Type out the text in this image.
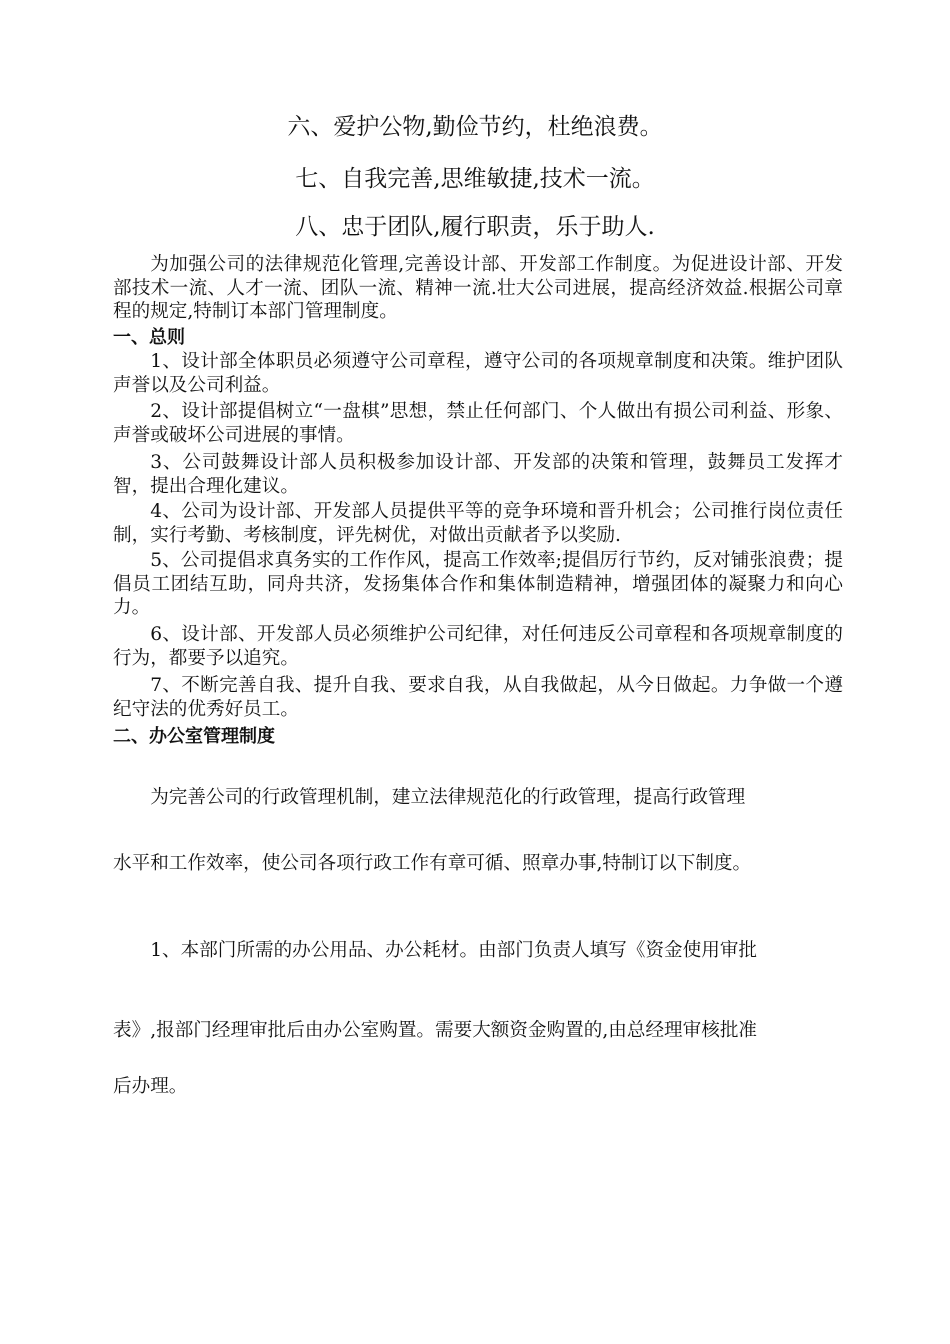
六、爱护公物,勤俭节约，杜绝浪费。
七、自我完善,思维敏捷,技术一流。
八、忠于团队,履行职责，乐于助人.

为加强公司的法律规范化管理,完善设计部、开发部工作制度。为促进设计部、开发部技术一流、人才一流、团队一流、精神一流.壮大公司进展，提高经济效益.根据公司章程的规定,特制订本部门管理制度。

一、总则

1、设计部全体职员必须遵守公司章程，遵守公司的各项规章制度和决策。维护团队声誉以及公司利益。

2、设计部提倡树立“一盘棋”思想，禁止任何部门、个人做出有损公司利益、形象、声誉或破坏公司进展的事情。

3、公司鼓舞设计部人员积极参加设计部、开发部的决策和管理，鼓舞员工发挥才智，提出合理化建议。

4、公司为设计部、开发部人员提供平等的竞争环境和晋升机会；公司推行岗位责任制，实行考勤、考核制度，评先树优，对做出贡献者予以奖励.

5、公司提倡求真务实的工作作风，提高工作效率;提倡厉行节约，反对铺张浪费；提倡员工团结互助，同舟共济，发扬集体合作和集体制造精神，增强团体的凝聚力和向心力。

6、设计部、开发部人员必须维护公司纪律，对任何违反公司章程和各项规章制度的行为，都要予以追究。

7、不断完善自我、提升自我、要求自我，从自我做起，从今日做起。力争做一个遵纪守法的优秀好员工。

二、办公室管理制度

为完善公司的行政管理机制，建立法律规范化的行政管理，提高行政管理

水平和工作效率，使公司各项行政工作有章可循、照章办事,特制订以下制度。

1、本部门所需的办公用品、办公耗材。由部门负责人填写《资金使用审批

表》,报部门经理审批后由办公室购置。需要大额资金购置的,由总经理审核批准

后办理。
